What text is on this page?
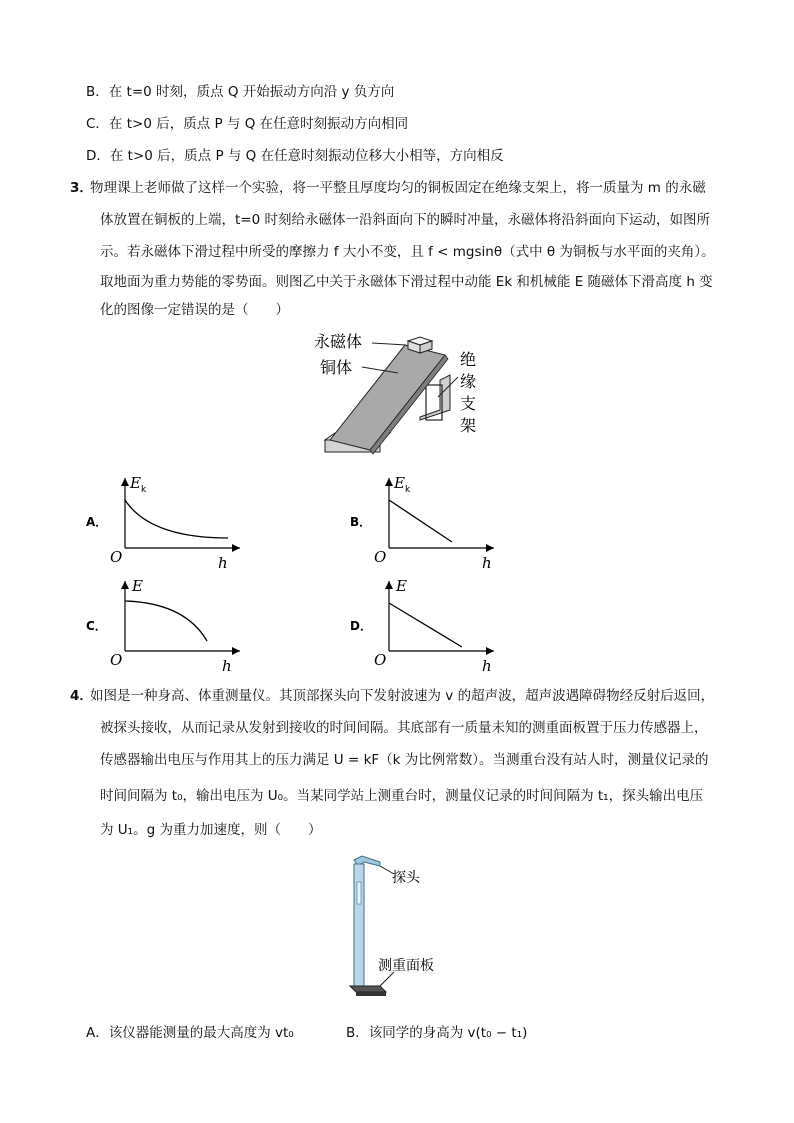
B．在 t=0 时刻，质点 Q 开始振动方向沿 y 负方向
C．在 t>0 后，质点 P 与 Q 在任意时刻振动方向相同
D．在 t>0 后，质点 P 与 Q 在任意时刻振动位移大小相等，方向相反
3．
物理课上老师做了这样一个实验，将一平整且厚度均匀的铜板固定在绝缘支架上，将一质量为 m 的永磁
体放置在铜板的上端，t=0 时刻给永磁体一沿斜面向下的瞬时冲量，永磁体将沿斜面向下运动，如图所
示。若永磁体下滑过程中所受的摩擦力 f 大小不变，且 f < mgsinθ（式中 θ 为铜板与水平面的夹角）。
取地面为重力势能的零势面。则图乙中关于永磁体下滑过程中动能 Ek 和机械能 E 随磁体下滑高度 h 变
化的图像一定错误的是（　　）
永磁体
铜体	绝
缘
支
架
A．
E k
O	h
B．
E k
O	h
C．
E
O	h
D．
E
O	h
4．
如图是一种身高、体重测量仪。其顶部探头向下发射波速为 v 的超声波，超声波遇障碍物经反射后返回，
被探头接收，从而记录从发射到接收的时间间隔。其底部有一质量未知的测重面板置于压力传感器上，
传感器输出电压与作用其上的压力满足 U = kF（k 为比例常数）。当测重台没有站人时，测量仪记录的
时间间隔为 t₀，输出电压为 U₀。当某同学站上测重台时，测量仪记录的时间间隔为 t₁，探头输出电压
为 U₁。g 为重力加速度，则（　　）
探头
测重面板
A．该仪器能测量的最大高度为 vt₀	B．该同学的身高为 v(t₀ − t₁)
